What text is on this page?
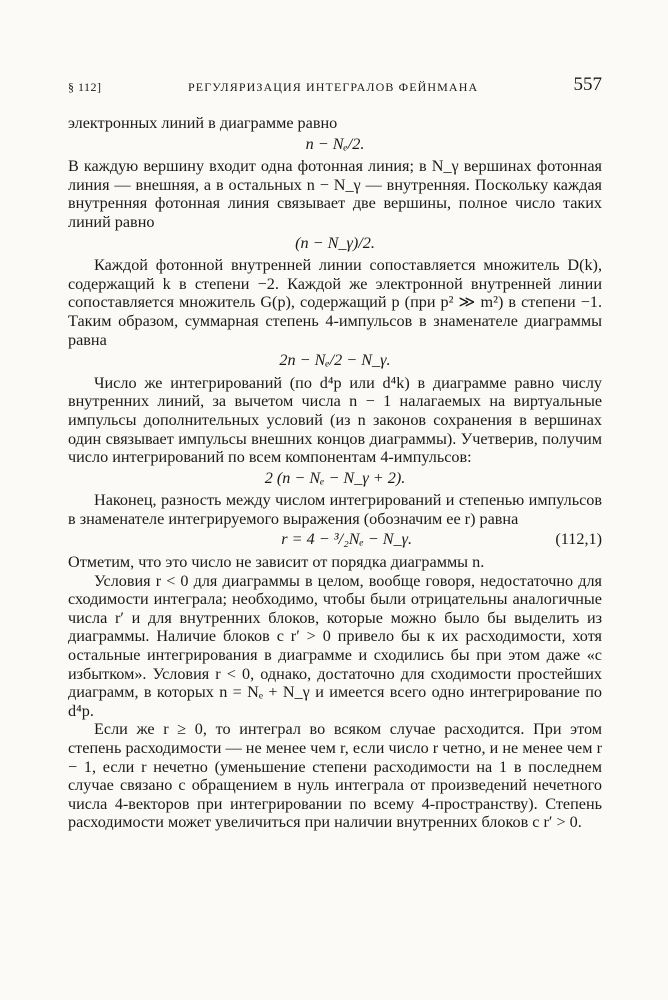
§ 112]	РЕГУЛЯРИЗАЦИЯ ИНТЕГРАЛОВ ФЕЙНМАНА	557

электронных линий в диаграмме равно

n − Nₑ/2.

В каждую вершину входит одна фотонная линия; в N_γ вершинах фотонная линия — внешняя, а в остальных n − N_γ — внутренняя. Поскольку каждая внутренняя фотонная линия связывает две вершины, полное число таких линий равно

(n − N_γ)/2.

Каждой фотонной внутренней линии сопоставляется множитель D(k), содержащий k в степени −2. Каждой же электронной внутренней линии сопоставляется множитель G(p), содержащий p (при p² ≫ m²) в степени −1. Таким образом, суммарная степень 4-импульсов в знаменателе диаграммы равна

2n − Nₑ/2 − N_γ.

Число же интегрирований (по d⁴p или d⁴k) в диаграмме равно числу внутренних линий, за вычетом числа n − 1 налагаемых на виртуальные импульсы дополнительных условий (из n законов сохранения в вершинах один связывает импульсы внешних концов диаграммы). Учетверив, получим число интегрирований по всем компонентам 4-импульсов:

2 (n − Nₑ − N_γ + 2).

Наконец, разность между числом интегрирований и степенью импульсов в знаменателе интегрируемого выражения (обозначим ее r) равна

r = 4 − ³/₂Nₑ − N_γ.	(112,1)

Отметим, что это число не зависит от порядка диаграммы n.

Условия r < 0 для диаграммы в целом, вообще говоря, недостаточно для сходимости интеграла; необходимо, чтобы были отрицательны аналогичные числа r′ и для внутренних блоков, которые можно было бы выделить из диаграммы. Наличие блоков с r′ > 0 привело бы к их расходимости, хотя остальные интегрирования в диаграмме и сходились бы при этом даже «с избытком». Условия r < 0, однако, достаточно для сходимости простейших диаграмм, в которых n = Nₑ + N_γ и имеется всего одно интегрирование по d⁴p.

Если же r ≥ 0, то интеграл во всяком случае расходится. При этом степень расходимости — не менее чем r, если число r четно, и не менее чем r − 1, если r нечетно (уменьшение степени расходимости на 1 в последнем случае связано с обращением в нуль интеграла от произведений нечетного числа 4-векторов при интегрировании по всему 4-пространству). Степень расходимости может увеличиться при наличии внутренних блоков с r′ > 0.
